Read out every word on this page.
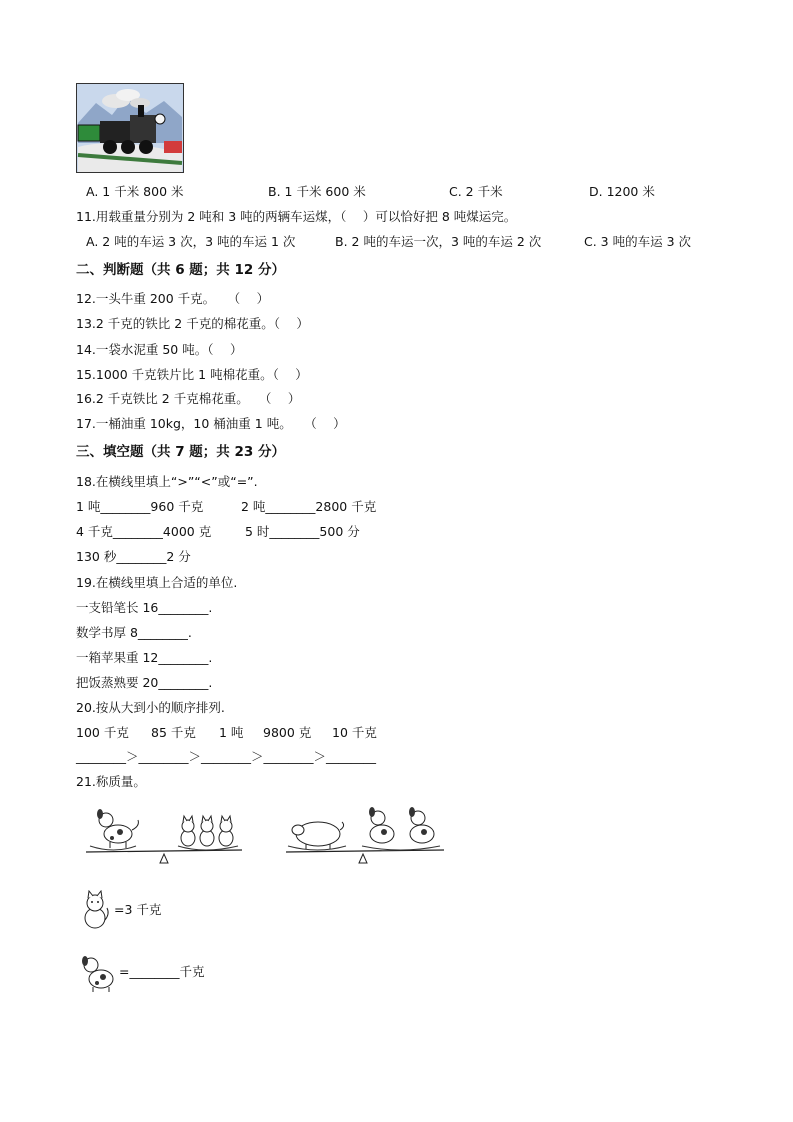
A. 1 千米 800 米	B. 1 千米 600 米	C. 2 千米	D. 1200 米
11.用载重量分别为 2 吨和 3 吨的两辆车运煤，（　 ）可以恰好把 8 吨煤运完。
A. 2 吨的车运 3 次，3 吨的车运 1 次	B. 2 吨的车运一次，3 吨的车运 2 次	C. 3 吨的车运 3 次
二、判断题（共 6 题；共 12 分）
12.一头牛重 200 千克。　　（　 ）
13.2 千克的铁比 2 千克的棉花重。（　 ）
14.一袋水泥重 50 吨。（　 ）
15.1000 千克铁片比 1 吨棉花重。（　 ）
16.2 千克铁比 2 千克棉花重。　 （　 ）
17.一桶油重 10kg，10 桶油重 1 吨。　　（　 ）
三、填空题（共 7 题；共 23 分）
18.在横线里填上“>”“<”或“=”.
1 吨________960 千克	2 吨________2800 千克
4 千克________4000 克	5 时________500 分
130 秒________2 分
19.在横线里填上合适的单位.
一支铅笔长 16________.
数学书厚 8________.
一箱苹果重 12________.
把饭蒸熟要 20________.
20.按从大到小的顺序排列.
100 千克 85 千克 1 吨 9800 克 10 千克
________＞________＞________＞________＞________
21.称质量。
=3 千克
=________千克
